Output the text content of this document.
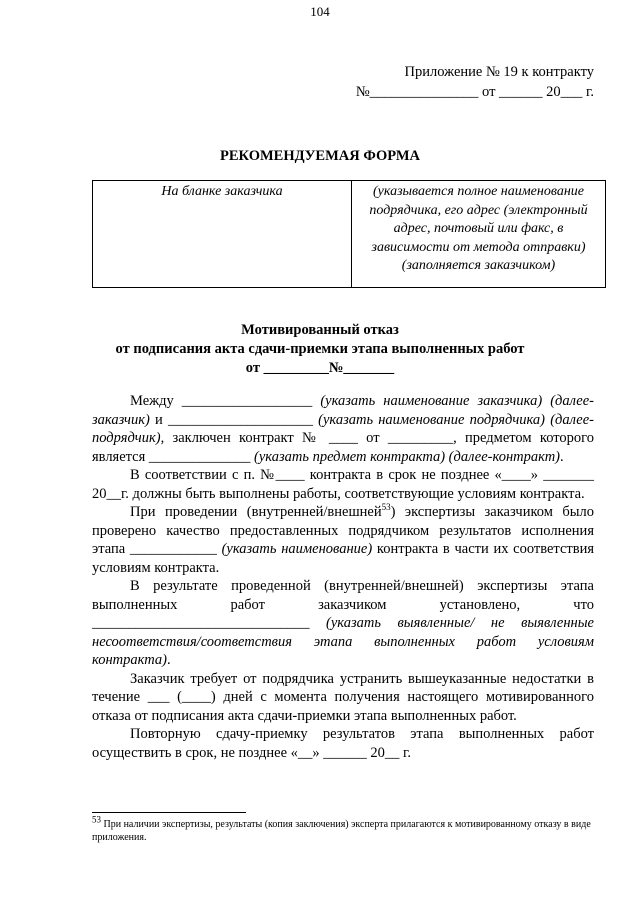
104
Приложение № 19 к контракту
№_______________ от ______ 20___ г.
РЕКОМЕНДУЕМАЯ ФОРМА
На бланке заказчика	(указывается полное наименование подрядчика, его адрес (электронный адрес, почтовый или факс, в зависимости от метода отправки) (заполняется заказчиком)
Мотивированный отказ
от подписания акта сдачи-приемки этапа выполненных работ
от _________№_______

Между __________________ (указать наименование заказчика) (далее-заказчик) и ____________________ (указать наименование подрядчика) (далее-подрядчик), заключен контракт № ____ от _________, предметом которого является ______________ (указать предмет контракта) (далее-контракт).

В соответствии с п. №____ контракта в срок не позднее «____» _______ 20__г. должны быть выполнены работы, соответствующие условиям контракта.

При проведении (внутренней/внешней$^{53}$) экспертизы заказчиком было проверено качество предоставленных подрядчиком результатов исполнения этапа ____________ (указать наименование) контракта в части их соответствия условиям контракта.

В результате проведенной (внутренней/внешней) экспертизы этапа выполненных работ заказчиком установлено, что ______________________________ (указать выявленные/ не выявленные несоответствия/соответствия этапа выполненных работ условиям контракта).

Заказчик требует от подрядчика устранить вышеуказанные недостатки в течение ___ (____) дней с момента получения настоящего мотивированного отказа от подписания акта сдачи-приемки этапа выполненных работ.

Повторную сдачу-приемку результатов этапа выполненных работ осуществить в срок, не позднее «__» ______ 20__ г.

$^{53}$ При наличии экспертизы, результаты (копия заключения) эксперта прилагаются к мотивированному отказу в виде приложения.
